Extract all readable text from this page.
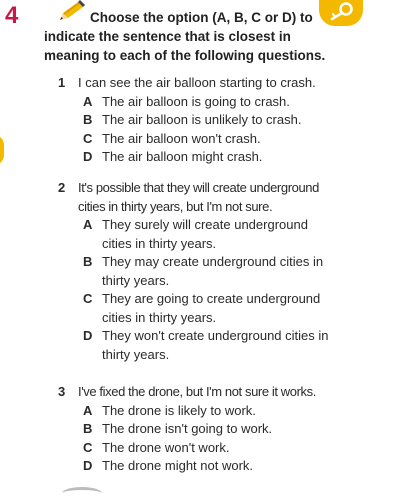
4	Choose the option (A, B, C or D) to
indicate the sentence that is closest in
meaning to each of the following questions.
1 I can see the air balloon starting to crash.
A The air balloon is going to crash.
B The air balloon is unlikely to crash.
C The air balloon won't crash.
D The air balloon might crash.
2 It's possible that they will create underground
cities in thirty years, but I'm not sure.
A They surely will create underground
cities in thirty years.
B They may create underground cities in
thirty years.
C They are going to create underground
cities in thirty years.
D They won't create underground cities in
thirty years.
3 I've fixed the drone, but I'm not sure it works.
A The drone is likely to work.
B The drone isn't going to work.
C The drone won't work.
D The drone might not work.
